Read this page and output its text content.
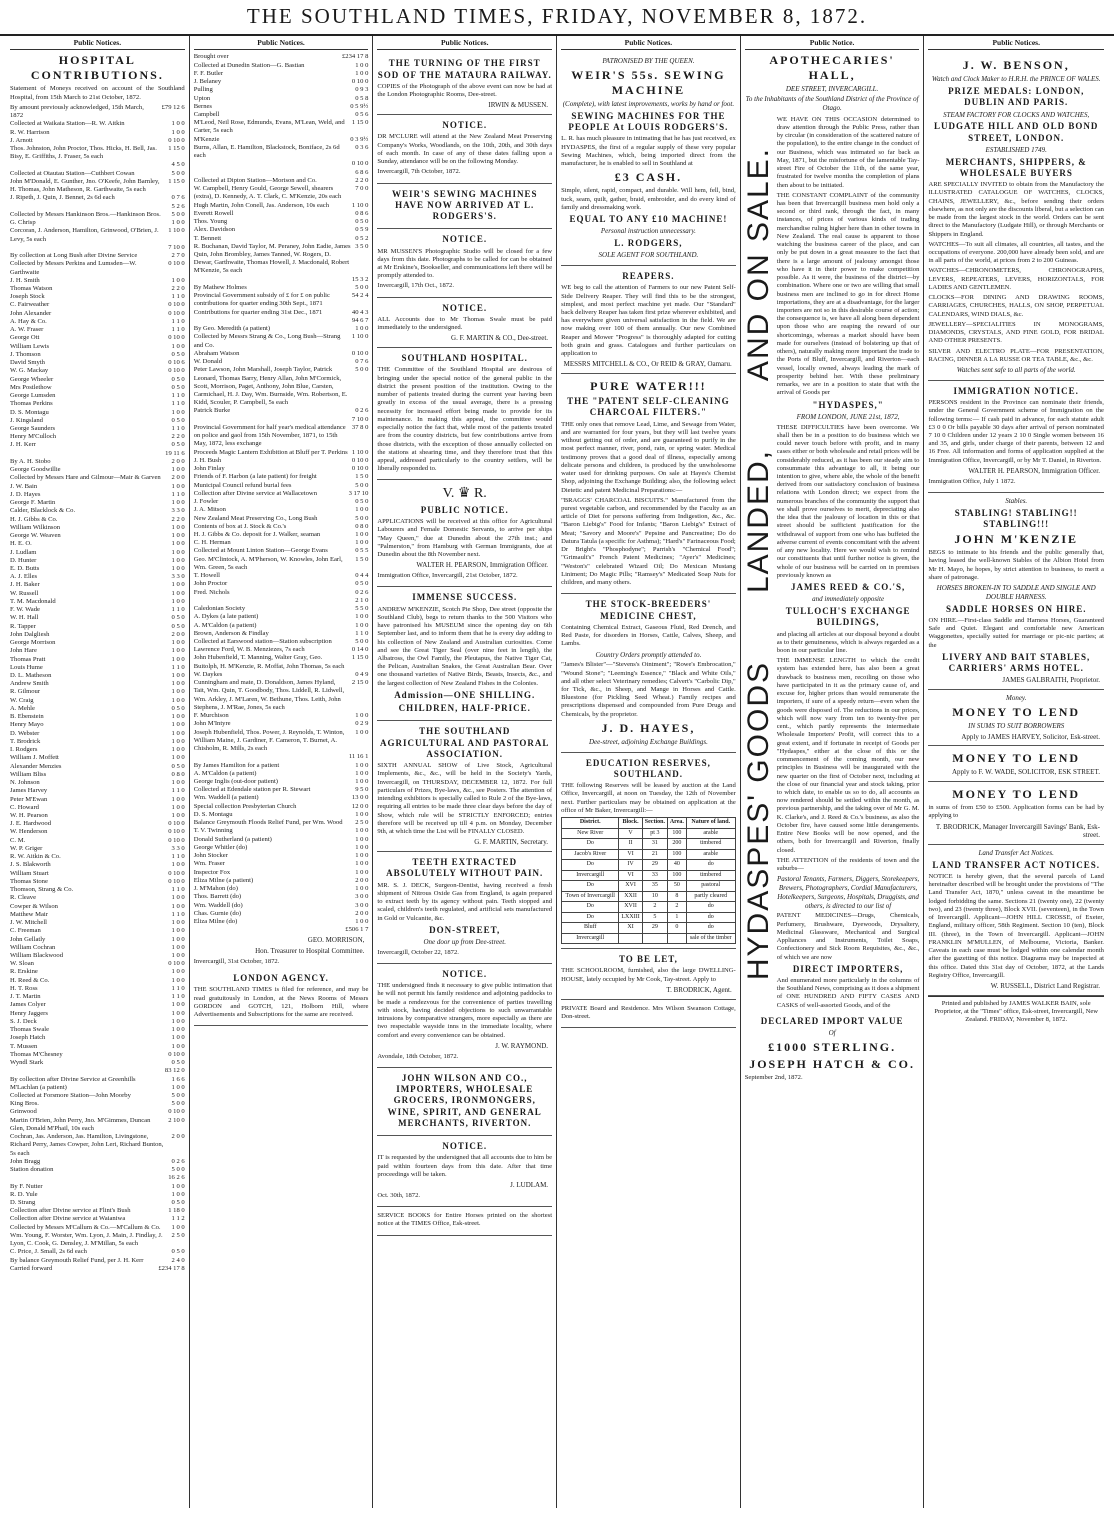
THE SOUTHLAND TIMES, FRIDAY, NOVEMBER 8, 1872.
Public Notices.
HOSPITAL CONTRIBUTIONS.
Statement of Moneys received on account of the Southland Hospital, from 15th March to 21st October, 1872.
By amount previously acknowledged, 15th March, 1872
£79 12 6
Collected at Waikaia Station—R. W. Aitkin	1 0 0
R. W. Harrison	1 0 0
J. Arnott	0 10 0
Thos. Johnston, John Proctor, Thos. Hicks, H. Bell, Jas. Bisy, E. Griffiths, J. Fraser, 5s each
1 15 0
4 5 0
Collected at Otautau Station—Cuthbert Cowan	5 0 0
John M'Donald, E. Gunther, Jno. O'Keefe, John Barnley, H. Thomas, John Matheson, R. Garthwaite, 5s each
1 15 0
J. Ripeth, J. Quin, J. Bennet, 2s 6d each	0 7 6
5 2 6
Collected by Messrs Hankinson Bros.—Hankinson Bros. 5 0 0
G. Chrisp	1 0 0
Corcoran, J. Anderson, Hamilton, Grinwood, O'Brien, J. Levy, 5s each
1 10 0
7 10 0
By collection at Long Bush after Divine Service	2 7 0
Collected by Messrs Perkins and Lumsden—W. Garthwaite
0 10 0
J. H. Smith	1 0 0
Thomas Watson	2 2 0
Joseph Stock	1 1 0
C. Fairweather	0 10 0
John Alexander	0 10 0
A. Hay & Co.	1 1 0
A. W. Fraser	1 1 0
George Ott	0 10 0
William Lewis	1 0 0
J. Thomson	0 5 0
David Smyth	0 10 6
W. G. Mackay	0 10 0
George Wheeler	0 5 0
Mrs Postlethow	0 5 0
George Lumsden	1 1 0
Thomas Perkins	1 1 0
D. S. Montagu	1 0 0
J. Kingsland	0 5 0
George Saunders	1 1 0
Henry M'Culloch	2 2 0
J. H. Kerr	0 5 0
19 11 6
By A. H. Stobo	2 0 0
George Goodwillie	1 0 0
Collected by Messrs Hare and Gilmour—Mair & Garven 2 0 0
J. W. Bain	1 0 0
J. D. Hayes	1 1 0
George F. Martin	1 0 0
Calder, Blacklock & Co.	3 3 0
H. J. Gibbs & Co.	2 2 0
William Wilkinson	1 0 0
George W. Weaven	1 0 0
H. E. O.	1 0 0
J. Ludlam	1 0 0
D. Hunter	1 0 0
E. D. Butts	1 0 0
A. J. Elles	3 3 0
J. H. Baker	1 0 0
W. Russell	1 0 0
T. M. Macdonald	1 0 0
F. W. Wade	1 1 0
W. H. Hall	0 5 0
R. Tapper	0 5 0
John Dalgliesh	2 0 0
George Morrison	1 0 0
John Hare	1 0 0
Thomas Pratt	1 0 0
Louis Hume	1 1 0
D. L. Matheson	1 0 0
Andrew Smith	1 0 0
R. Gilmour	1 0 0
W. Craig	1 0 0
A. Mehle	0 5 0
B. Ebenstein	1 0 0
Henry Mayo	1 0 0
D. Webster	1 0 0
T. Brodrick	1 0 0
I. Rodgers	1 0 0
William J. Moffett	1 0 0
Alexander Menzies	0 5 0
William Bliss	0 8 0
N. Johnson	1 0 0
James Harvey	1 1 0
Peter M'Ewan	1 0 0
C. Howard	1 0 0
W. H. Pearson	1 0 0
J. E. Hardwood	0 10 0
W. Henderson	0 10 0
C. M.	0 10 0
W. P. Griger	3 3 0
R. W. Aitkin & Co.	1 1 0
J. S. Blakworth	1 0 0
William Stuart	0 10 0
Thomas Stone	0 10 0
Thomson, Strang & Co.	1 1 0
R. Cleave	1 0 0
Cowper & Wilson	1 0 0
Matthew Mair	1 1 0
J. W. Mitchell	1 0 0
C. Freeman	1 0 0
John Gellatly	1 0 0
William Cochran	1 0 0
William Blackwood	1 0 0
W. Sloan	0 10 0
R. Erskine	1 0 0
H. Reed & Co.	1 0 0
H. T. Ross	1 1 0
J. T. Martin	1 1 0
James Colyer	1 0 0
Henry Jaggers	1 0 0
S. J. Deck	1 0 0
Thomas Swale	1 0 0
Joseph Hatch	1 0 0
T. Mussen	1 0 0
Thomas M'Chesney	0 10 0
Wyndl Stark	0 5 0
83 12 0
By collection after Divine Service at Greenhills	1 6 6
M'Lachlan (a patient)	1 0 0
Collected at Forsmore Station—John Moorby	5 0 0
King Bros.	5 0 0
Grinwood	0 10 0
Martin O'Brien, John Perry, Jno. M'Gimmes, Duncan Glen, Donald M'Phail, 10s each
2 10 0
Cochran, Jas. Anderson, Jas. Hamilton, Livingstone, Richard Perry, James Cowper, John Leri, Richard Bunton, 5s each
2 0 0
John Bragg	0 2 6
Station donation	5 0 0
16 2 6
By F. Nutter	1 0 0
R. D. Yule	1 0 0
D. Strang	0 5 0
Collection after Divine service at Flint's Bush	1 18 0
Collection after Divine service at Waianiwa	1 1 2
Collected by Messrs M'Callum & Co.—M'Callum & Co. 1 0 0
Wm. Young, F. Worster, Wm. Lyon, J. Main, J. Findlay, J. Lyon, C. Cook, G. Densley, J. M'Millan, 5s each
2 5 0
C. Price, J. Small, 2s 6d each	0 5 0
By balance Greymouth Relief Fund, per J. H. Kerr	2 4 0
Carried forward	£234 17 8
Public Notices.
Brought over	£234 17 8
Collected at Dunedin Station—G. Bastian	1 0 0
F. F. Butler	1 0 0
J. Belaney	0 10 0
Pulling	0 9 3
Upton	0 5 8
Bernes	0 5 9½
Campbell	0 5 6
M'Leod, Neil Rose, Edmunds, Evans, M'Lean, Weld, and Carter, 5s each
1 15 0
M'Kenzie	0 3 9½
Burns, Allan, E. Hamilton, Blackstock, Boniface, 2s 6d each
0 3 6
0 10 0
6 8 6
Collected at Dipton Station—Morison and Co.	2 2 0
W. Campbell, Henry Gould, George Sewell, shearers (extra), D. Kennedy, A. T. Clark, C. M'Kenzie, 20s each
7 0 0
Hugh Martin, John Conell, Jas. Anderson, 10s each	1 10 0
Everett Rowell	0 8 6
Thos. Young	0 5 0
Alex. Davidson	0 5 9
T. Bennett	0 5 2
R. Buchanan, David Taylor, M. Peraney, John Eadie, James Quin, John Brombley, James Tanned, W. Rogers, D. Dewar, Garthwaite, Thomas Howell, J. Macdonald, Robert M'Kenzie, 5s each
3 5 0
15 3 2
By Mathew Holmes	5 0 0
Provincial Government subsidy of £ for £ on public contributions for quarter ending 30th Sept., 1871
54 2 4
Contributions for quarter ending 31st Dec., 1871	40 4 3
94 6 7
By Geo. Meredith (a patient)	1 0 0
Collected by Messrs Strang & Co., Long Bush—Strang and Co.
1 10 0
Abraham Watson	0 10 0
W. Donald	0 7 6
Peter Lawson, John Marshall, Joseph Taylor, Patrick Leonard, Thomas Barry, Henry Allan, John M'Cormick, Scott, Morrison, Paget, Anthony, John Blue, Carsten, Carmichael, H. J. Day, Wm. Burnside, Wm. Robertson, E. Kidd, Scouler, P. Campbell, 5s each
5 0 0
Patrick Burke	0 2 6
7 10 0
Provincial Government for half year's medical attendance on police and gaol from 15th November, 1871, to 15th May, 1872, less exchange
37 8 0
Proceeds Magic Lantern Exhibition at Bluff per T. Perkins 1 10 0
J. H. Bush	0 10 0
John Finlay	0 10 0
Friends of F. Harbon (a late patient) for freight	1 5 0
Municipal Council refund burial fees	5 0 0
Collection after Divine service at Wallacetown	3 17 10
J. Fowler	0 5 0
J. A. Mitson	1 0 0
New Zealand Meat Preserving Co., Long Bush	5 0 0
Contents of box at J. Stock & Co.'s	0 8 0
H. J. Gibbs & Co. deposit for J. Walker, seaman	1 0 0
C. H. Herman	1 0 0
Collected at Mount Linton Station—George Evans	0 5 5
Geo. M'Clintock, A. M'Pherson, W. Knowles, John Earl, Wm. Green, 5s each
1 5 0
T. Howell	0 4 4
John Proctor	0 5 0
Fred. Nichols	0 2 6
2 1 0
Caledonian Society	5 5 0
A. Dykes (a late patient)	1 0 0
A. M'Caldon (a patient)	1 0 0
Brown, Anderson & Findlay	1 1 0
Collected at Earswood station—Station subscription	5 0 0
Lawrence Ford, W. B. Menziezes, 7s each	0 14 0
John Hubenfield, T. Manning, Walter Gray, Geo. Buitolph, H. M'Kenzie, R. Moffat, John Thomas, 5s each
1 15 0
W. Daykes	0 4 9
Cunningham and mate, D. Donaldson, James Hyland, Tait, Wm. Quin, T. Goodbody, Thos. Liddell, R. Lidwell, Wm. Arkley, J. M'Laren, W. Bethune, Thos. Leith, John Stephens, J. M'Rae, Jones, 5s each
2 15 0
F. Murchison	1 0 0
John M'Intyre	0 2 9
Joseph Hubenfield, Thos. Power, J. Reynolds, T. Winton, William Maine, J. Gardiner, F. Cameron, T. Burnet, A. Chisholm, R. Mills, 2s each
1 0 0
11 16 1
By James Hamilton for a patient	1 0 0
A. M'Caldon (a patient)	1 0 0
George Inglis (out-door patient)	1 0 0
Collected at Edendale station per R. Stewart	9 5 0
Wm. Waddell (a patient)	13 0 0
Special collection Presbyterian Church	12 0 0
D. S. Montagu	1 0 0
Balance Greymouth Floods Relief Fund, per Wm. Wood 2 5 0
T. V. Twinning	1 0 0
Donald Sutherland (a patient)	1 0 0
George Whitler (do)	1 0 0
John Stocker	1 0 0
Wm. Fraser	1 0 0
Inspector Fox	1 0 0
Eliza Milne (a patient)	2 0 0
J. M'Mahon (do)	1 0 0
Thos. Barrett (do)	3 0 0
Wm. Waddell (do)	3 0 0
Chas. Gurnie (do)	2 0 0
Eliza Milne (do)	1 0 0
£506 1 7
GEO. MORRISON,
Hon. Treasurer to Hospital Committee.
Invercargill, 31st October, 1872.
LONDON AGENCY.
THE SOUTHLAND TIMES is filed for reference, and may be read gratuitously in London, at the News Rooms of Messrs GORDON and GOTCH, 121, Holborn Hill, where Advertisements and Subscriptions for the same are received.
Public Notices.
THE TURNING OF THE FIRST SOD OF THE MATAURA RAILWAY.
COPIES of the Photograph of the above event can now be had at the London Photographic Rooms, Dee-street.
IRWIN & MUSSEN.
NOTICE.
DR M'CLURE will attend at the New Zealand Meat Preserving Company's Works, Woodlands, on the 10th, 20th, and 30th days of each month. In case of any of these dates falling upon a Sunday, attendance will be on the following Monday.
Invercargill, 7th October, 1872.
WEIR'S SEWING MACHINES HAVE NOW ARRIVED AT L. RODGERS'S.
NOTICE.
MR MUSSEN'S Photographic Studio will be closed for a few days from this date. Photographs to be called for can be obtained at Mr Erskine's, Bookseller, and communications left there will be promptly attended to.
Invercargill, 17th Oct., 1872.
NOTICE.
ALL Accounts due to Mr Thomas Swale must be paid immediately to the undersigned.
G. F. MARTIN & CO., Dee-street.
SOUTHLAND HOSPITAL.
THE Committee of the Southland Hospital are desirous of bringing under the special notice of the general public in the district the present position of the institution. Owing to the number of patients treated during the current year having been greatly in excess of the usual average, there is a pressing necessity for increased effort being made to provide for its maintenance. In making this appeal, the committee would especially notice the fact that, while most of the patients treated are from the country districts, but few contributions arrive from those districts, with the exception of those annually collected on the stations at shearing time, and they therefore trust that this appeal, addressed particularly to the country settlers, will be liberally responded to.
V. ♛ R.
PUBLIC NOTICE.
APPLICATIONS will be received at this office for Agricultural Labourers and Female Domestic Servants, to arrive per ships "May Queen," due at Dunedin about the 27th inst.; and "Palmerston," from Hamburg with German Immigrants, due at Dunedin about the 8th November next.
WALTER H. PEARSON, Immigration Officer.
Immigration Office, Invercargill, 21st October, 1872.
IMMENSE SUCCESS.
ANDREW M'KENZIE, Scotch Pie Shop, Dee street (opposite the Southland Club), begs to return thanks to the 500 Visitors who have patronised his MUSEUM since the opening day on 6th September last, and to inform them that he is every day adding to his collection of New Zealand and Australian curiosities. Come and see the Great Tiger Seal (over nine feet in length), the Albatross, the Owl Family, the Pleutapus, the Native Tiger Cat, the Pelican, Australian Snakes, the Great Australian Bear. Over one thousand varieties of Native Birds, Beasts, Insects, &c., and the largest collection of New Zealand Fishes in the Colonies.
Admission—ONE SHILLING.
CHILDREN, HALF-PRICE.
THE SOUTHLAND AGRICULTURAL AND PASTORAL ASSOCIATION.
SIXTH ANNUAL SHOW of Live Stock, Agricultural Implements, &c., &c., will be held in the Society's Yards, Invercargill, on THURSDAY, DECEMBER 12, 1872. For full particulars of Prizes, Bye-laws, &c., see Posters. The attention of intending exhibitors is specially called to Rule 2 of the Bye-laws, requiring all entries to be made three clear days before the day of Show, which rule will be STRICTLY ENFORCED; entries therefore will be received up till 4 p.m. on Monday, December 9th, at which time the List will be FINALLY CLOSED.
G. F. MARTIN, Secretary.
TEETH EXTRACTED ABSOLUTELY WITHOUT PAIN.
MR. S. J. DECK, Surgeon-Dentist, having received a fresh shipment of Nitrous Oxide Gas from England, is again prepared to extract teeth by its agency without pain. Teeth stopped and scaled, children's teeth regulated, and artificial sets manufactured in Gold or Vulcanite, &c.
DON-STREET,
One door up from Dee-street.
Invercargill, October 22, 1872.
NOTICE.
THE undersigned finds it necessary to give public intimation that he will not permit his family residence and adjoining paddocks to be made a rendezvous for the convenience of parties travelling with stock, having decided objections to such unwarrantable intrusions by comparative strangers, more especially as there are two respectable wayside inns in the immediate locality, where comfort and every convenience can be obtained.
J. W. RAYMOND.
Avondale, 18th October, 1872.
JOHN WILSON AND CO., IMPORTERS, WHOLESALE GROCERS, IRONMONGERS, WINE, SPIRIT, AND GENERAL MERCHANTS, RIVERTON.
NOTICE.
IT is requested by the undersigned that all accounts due to him be paid within fourteen days from this date. After that time proceedings will be taken.
J. LUDLAM.
Oct. 30th, 1872.
SERVICE BOOKS for Entire Horses printed on the shortest notice at the TIMES Office, Esk-street.
Public Notices.
PATRONISED BY THE QUEEN.
WEIR'S 55s. SEWING MACHINE
(Complete), with latest improvements, works by hand or foot.
SEWING MACHINES FOR THE PEOPLE At LOUIS RODGERS'S.
L. R. has much pleasure in intimating that he has just received, ex HYDASPES, the first of a regular supply of these very popular Sewing Machines, which, being imported direct from the manufacturer, he is enabled to sell in Southland at
£3 CASH.
Simple, silent, rapid, compact, and durable. Will hem, fell, bind, tuck, seam, quilt, gather, braid, embroider, and do every kind of family and dressmaking work.
EQUAL TO ANY £10 MACHINE!
Personal instruction unnecessary.
L. RODGERS,
SOLE AGENT FOR SOUTHLAND.
REAPERS.
WE beg to call the attention of Farmers to our new Patent Self-Side Delivery Reaper. They will find this to be the strongest, simplest, and most perfect machine yet made. Our "Standard" back delivery Reaper has taken first prize wherever exhibited, and has everywhere given universal satisfaction in the field. We are now making over 100 of them annually. Our new Combined Reaper and Mower "Progress" is thoroughly adapted for cutting both grain and grass. Catalogues and further particulars on application to
MESSRS MITCHELL & CO., Or REID & GRAY, Oamaru.
PURE WATER!!!
THE "PATENT SELF-CLEANING CHARCOAL FILTERS."
THE only ones that remove Lead, Lime, and Sewage from Water, and are warranted for four years, but they will last twelve years without getting out of order, and are guaranteed to purify in the most perfect manner, river, pond, rain, or spring water. Medical testimony proves that a good deal of illness, especially among delicate persons and children, is produced by the unwholesome water used for drinking purposes. On sale at Hayes's Chemist Shop, adjoining the Exchange Building; also, the following select Dietetic and patent Medicinal Preparations:—
"BRAGGS' CHARCOAL BISCUITS." Manufactured from the purest vegetable carbon, and recommended by the Faculty as an article of Diet for persons suffering from Indigestion, &c., &c. "Baron Liebig's" Food for Infants; "Baron Liebig's" Extract of Meat; "Savory and Moore's" Pepsine and Pancreatine; Do do Datura Tatula (a specific for Asthma); "Hard's" Farinaceous Food; Dr Bright's "Phosphodyne"; Parrish's "Chemical Food"; "Grimault's" French Patent Medicines; "Ayer's" Medicines; "Weston's" celebrated Wizard Oil; Do Mexican Mustang Liniment; Do Magic Pills; "Ramsey's" Medicated Soap Nuts for children, and many others.
THE STOCK-BREEDERS' MEDICINE CHEST,
Containing Chemical Extract, Gaseous Fluid, Red Drench, and Red Paste, for disorders in Horses, Cattle, Calves, Sheep, and Lambs.
Country Orders promptly attended to.
"James's Blister"—"Stevens's Ointment"; "Rowe's Embrocation," "Wound Stone"; "Leeming's Essence," "Black and White Oils," and all other select Veterinary remedies; Calvert's "Carbolic Dip," for Tick, &c., in Sheep, and Mange in Horses and Cattle. Bluestone (for Pickling Seed Wheat.) Family recipes and prescriptions dispensed and compounded from Pure Drugs and Chemicals, by the proprietor.
J. D. HAYES,
Dee-street, adjoining Exchange Buildings.
EDUCATION RESERVES, SOUTHLAND.
THE following Reserves will be leased by auction at the Land Office, Invercargill, at noon on Tuesday, the 12th of November next. Further particulars may be obtained on application at the office of Mr Baker, Invercargill:—
District.	Block.	Section.	Area.	Nature of land.
New River	V	pt 3	100	arable
Do	II	31	200	timbered
Jacob's River	VI	21	100	arable
Do	IV	29	40	do
Invercargill	VI	33	100	timbered
Do	XVI	35	50	pastoral
Town of Invercargill	XXII	10	8	partly cleared
Do	XVII	2	2	do
Do	LXXIII	5	1	do
Bluff	XI	29	0	do
Invercargill				sale of the timber
TO BE LET,
THE SCHOOLROOM, furnished, also the large DWELLING-HOUSE, lately occupied by Mr Cook, Tay-street. Apply to
T. BRODRICK, Agent.
PRIVATE Board and Residence. Mrs Wilson Swanson Cottage, Don-street.
Public Notice.
APOTHECARIES' HALL,
DEE STREET, INVERCARGILL.
To the Inhabitants of the Southland District of the Province of Otago.
AND ON SALE.
LANDED,
HYDASPES' GOODS
WE HAVE ON THIS OCCASION determined to draw attention through the Public Press, rather than by circular (in consideration of the scattered nature of the population), to the entire change in the conduct of our Business, which was intimated so far back as May, 1871, but the misfortune of the lamentable Tay-street Fire of October the 11th, of the same year, frustrated for twelve months the completion of plans then about to be initiated.
THE CONSTANT COMPLAINT of the community has been that Invercargill business men hold only a second or third rank, through the fact, in many instances, of prices of various kinds of trading merchandise ruling higher here than in other towns in New Zealand. The real cause is apparent to those watching the business career of the place, and can only be put down in a great measure to the fact that there is a large amount of jealousy amongst those who have it in their power to make competition possible. As it were, the business of the district—by combination. Where one or two are willing that small business men are inclined to go in for direct Home importations, they are at a disadvantage, for the larger importers are not so in this desirable course of action; the consequence is, we have all along been dependent upon those who are reaping the reward of our shortcomings, whereas a market should have been made for ourselves (instead of bolstering up that of others), naturally making more important the trade to the Ports of Bluff, Invercargill, and Riverton—each vessel, locally owned, always leading the mark of prosperity behind her. With these preliminary remarks, we are in a position to state that with the arrival of Goods per
"HYDASPES,"
FROM LONDON, JUNE 21st, 1872,
THESE DIFFICULTIES have been overcome. We shall then be in a position to do business which we could never touch before with profit, and in many cases either or both wholesale and retail prices will be considerably reduced, as it has been our steady aim to consummate this advantage to all, it being our intention to give, where able, the whole of the benefit derived from our satisfactory conclusion of business relations with London direct; we expect from the numerous branches of the community the support that we shall prove ourselves to merit, depreciating also the idea that the jealousy of location in this or that street should be sufficient justification for the withdrawal of support from one who has buffeted the adverse current of events concomitant with the advent of any new locality. Here we would wish to remind our constituents that until further notice is given, the whole of our business will be carried on in premises previously known as
JAMES REED & CO.'S,
and immediately opposite
TULLOCH'S EXCHANGE BUILDINGS,
and placing all articles at our disposal beyond a doubt as to their genuineness, which is always regarded as a boon in our particular line.
THE IMMENSE LENGTH to which the credit system has extended here, has also been a great drawback to business men, recoiling on those who have participated in it as the primary cause of, and excuse for, higher prices than would remunerate the importers, if sure of a speedy return—even when the goods were disposed of. The reductions in our prices, which will now vary from ten to twenty-five per cent., which partly represents the intermediate Wholesale Importers' Profit, will correct this to a great extent, and if fortunate in receipt of Goods per "Hydaspes," either at the close of this or the commencement of the coming month, our new principles in Business will be inaugurated with the new quarter on the first of October next, including at the close of our financial year and stock taking, prior to which date, to enable us so to do, all accounts as now rendered should be settled within the month, as previous partnership, and the taking over of Mr G. M. K. Clarke's, and J. Reed & Co.'s business, as also the October fire, have caused some little derangements. Entire New Books will be now opened, and the others, both for Invercargill and Riverton, finally closed.
THE ATTENTION of the residents of town and the suburbs—
Pastoral Tenants, Farmers, Diggers, Storekeepers, Brewers, Photographers, Cordial Manufacturers, Hotelkeepers, Surgeons, Hospitals, Druggists, and others, is directed to our list of
PATENT MEDICINES—Drugs, Chemicals, Perfumery, Brushware, Dyewoods, Drysaltery, Medicinal Glassware, Mechanical and Surgical Appliances and Instruments, Toilet Soaps, Confectionery and Sick Room Requisites, &c., &c., of which we are now
DIRECT IMPORTERS,
And enumerated more particularly in the columns of the Southland News, comprising as it does a shipment of ONE HUNDRED AND FIFTY CASES AND CASKS of well-assorted Goods, and of the
DECLARED IMPORT VALUE
Of
£1000 STERLING.
JOSEPH HATCH & CO.
September 2nd, 1872.
Public Notices.
J. W. BENSON,
Watch and Clock Maker to H.R.H. the PRINCE OF WALES.
PRIZE MEDALS: LONDON, DUBLIN AND PARIS.
STEAM FACTORY FOR CLOCKS AND WATCHES,
LUDGATE HILL AND OLD BOND STREET, LONDON.
ESTABLISHED 1749.
MERCHANTS, SHIPPERS, & WHOLESALE BUYERS
ARE SPECIALLY INVITED to obtain from the Manufactory the ILLUSTRATED CATALOGUE OF WATCHES, CLOCKS, CHAINS, JEWELLERY, &c., before sending their orders elsewhere, as not only are the discounts liberal, but a selection can be made from the largest stock in the world. Orders can be sent direct to the Manufactory (Ludgate Hill), or through Merchants or Shippers in England.
WATCHES—To suit all climates, all countries, all tastes, and the occupations of everyone. 200,000 have already been sold, and are in all parts of the world, at prices from 2 to 200 Guineas.
WATCHES—CHRONOMETERS, CHRONOGRAPHS, LEVERS, REPEATERS, LEVERS, HORIZONTALS, FOR LADIES AND GENTLEMEN.
CLOCKS—FOR DINING AND DRAWING ROOMS, CARRIAGES, CHURCHES, HALLS, ON SHOP, PERPETUAL CALENDARS, WIND DIALS, &c.
JEWELLERY—SPECIALITIES IN MONOGRAMS, DIAMONDS, CRYSTALS, AND FINE GOLD, FOR BRIDAL AND OTHER PRESENTS.
SILVER AND ELECTRO PLATE—FOR PRESENTATION, RACING, DINNER A LA RUSSE OR TEA TABLE, &c., &c.
Watches sent safe to all parts of the world.
IMMIGRATION NOTICE.
PERSONS resident in the Province can nominate their friends, under the General Government scheme of Immigration on the following terms:— If cash paid in advance, for each statute adult £3 0 0 Or bills payable 30 days after arrival of person nominated 7 10 0 Children under 12 years 2 10 0 Single women between 16 and 35, and girls, under charge of their parents, between 12 and 16 Free. All information and forms of application supplied at the Immigration Office, Invercargill, or by Mr T. Daniel, in Riverton.
WALTER H. PEARSON, Immigration Officer.
Immigration Office, July 1 1872.
Stables.
STABLING! STABLING!! STABLING!!!
JOHN M'KENZIE
BEGS to intimate to his friends and the public generally that, having leased the well-known Stables of the Albion Hotel from Mr H. Mayo, he hopes, by strict attention to business, to merit a share of patronage.
HORSES BROKEN-IN TO SADDLE AND SINGLE AND DOUBLE HARNESS.
SADDLE HORSES ON HIRE.
ON HIRE.—First-class Saddle and Harness Horses, Guaranteed Safe and Quiet. Elegant and comfortable new American Waggonettes, specially suited for marriage or pic-nic parties; at the
LIVERY AND BAIT STABLES, CARRIERS' ARMS HOTEL.
JAMES GALBRAITH, Proprietor.
Money.
MONEY TO LEND
IN SUMS TO SUIT BORROWERS
Apply to JAMES HARVEY, Solicitor, Esk-street.
MONEY TO LEND
Apply to F. W. WADE, SOLICITOR, ESK STREET.
MONEY TO LEND
in sums of from £50 to £500. Application forms can be had by applying to
T. BRODRICK, Manager Invercargill Savings' Bank, Esk-street.
Land Transfer Act Notices.
LAND TRANSFER ACT NOTICES.
NOTICE is hereby given, that the several parcels of Land hereinafter described will be brought under the provisions of "The Land Transfer Act, 1870," unless caveat in the meantime be lodged forbidding the same. Sections 21 (twenty one), 22 (twenty two), and 23 (twenty three), Block XVII. (seventeen), in the Town of Invercargill. Applicant—JOHN HILL CROSSE, of Exeter, England, military officer, 58th Regiment. Section 10 (ten), Block III. (three), in the Town of Invercargill. Applicant—JOHN FRANKLIN M'MULLEN, of Melbourne, Victoria, Banker. Caveats in each case must be lodged within one calendar month after the gazetting of this notice. Diagrams may be inspected at this office. Dated this 31st day of October, 1872, at the Lands Registry Office, Invercargill.
W. RUSSELL, District Land Registrar.
Printed and published by JAMES WALKER BAIN, sole Proprietor, at the "Times" office, Esk-street, Invercargill, New Zealand. FRIDAY, November 8, 1872.
